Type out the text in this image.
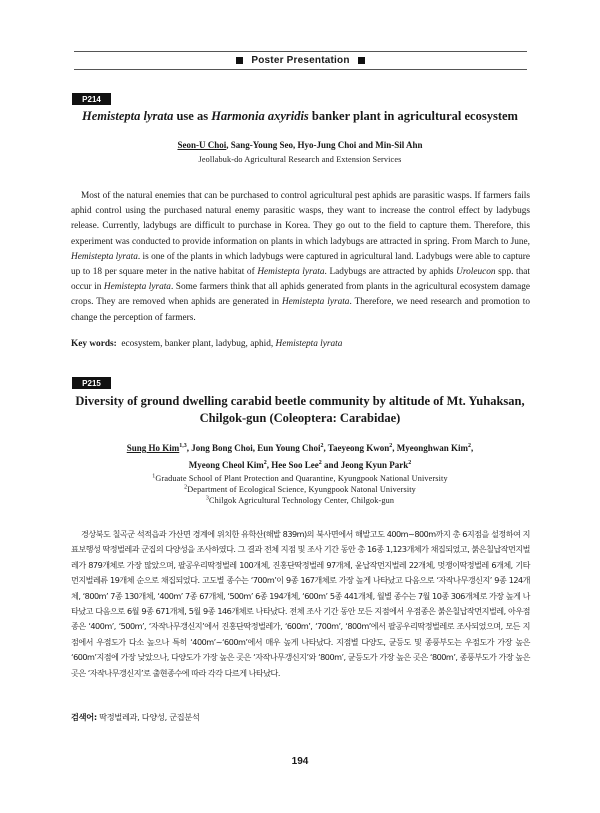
Poster Presentation
P214
Hemistepta lyrata use as Harmonia axyridis banker plant in agricultural ecosystem
Seon-U Choi, Sang-Young Seo, Hyo-Jung Choi and Min-Sil Ahn
Jeollabuk-do Agricultural Research and Extension Services

Most of the natural enemies that can be purchased to control agricultural pest aphids are parasitic wasps. If farmers fails aphid control using the purchased natural enemy parasitic wasps, they want to increase the control effect by ladybugs release. Currently, ladybugs are difficult to purchase in Korea. They go out to the field to capture them. Therefore, this experiment was conducted to provide information on plants in which ladybugs are attracted in spring. From March to June, Hemistepta lyrata. is one of the plants in which ladybugs were captured in agricultural land. Ladybugs were able to capture up to 18 per square meter in the native habitat of Hemistepta lyrata. Ladybugs are attracted by aphids Uroleucon spp. that occur in Hemistepta lyrata. Some farmers think that all aphids generated from plants in the agricultural ecosystem damage crops. They are removed when aphids are generated in Hemistepta lyrata. Therefore, we need research and promotion to change the perception of farmers.

Key words: ecosystem, banker plant, ladybug, aphid, Hemistepta lyrata
P215
Diversity of ground dwelling carabid beetle community by altitude of Mt. Yuhaksan,
Chilgok-gun (Coleoptera: Carabidae)
Sung Ho Kim$^{1,3}$, Jong Bong Choi, Eun Young Choi$^2$, Taeyeong Kwon$^2$, Myeonghwan Kim$^2$,
Myeong Cheol Kim$^2$, Hee Soo Lee$^2$ and Jeong Kyun Park$^2$
$^1$Graduate School of Plant Protection and Quarantine, Kyungpook National University
$^2$Department of Ecological Science, Kyungpook Natonal University
$^3$Chilgok Agricultural Technology Center, Chilgok-gun

경상북도 칠곡군 석적읍과 가산면 경계에 위치한 유학산(해발 839m)의 북사면에서 해발고도 400m~800m까지 총 6지점을 설정하여 지표보행성 딱정벌레과 군집의 다양성을 조사하였다. 그 결과 전체 지점 및 조사 기간 동안 총 16종 1,123개체가 채집되었고, 붉은칠납작먼지벌레가 879개체로 가장 많았으며, 팔공우리딱정벌레 100개체, 진홍단딱정벌레 97개체, 윤납작먼지벌레 22개체, 멋쟁이딱정벌레 6개체, 기타 먼지벌레류 19개체 순으로 채집되었다. 고도별 종수는 ‘700m’이 9종 167개체로 가장 높게 나타났고 다음으로 ‘자작나무갱신지’ 9종 124개체, ‘800m’ 7종 130개체, ‘400m’ 7종 67개체, ‘500m’ 6종 194개체, ‘600m’ 5종 441개체, 월별 종수는 7월 10종 306개체로 가장 높게 나타났고 다음으로 6월 9종 671개체, 5월 9종 146개체로 나타났다. 전체 조사 기간 동안 모든 지점에서 우점종은 붉은칠납작먼지벌레, 아우점종은 ‘400m’, ‘500m’, ‘자작나무갱신지’에서 진홍단딱정벌레가, ‘600m’, ‘700m’, ‘800m’에서 팔공우리딱정벌레로 조사되었으며, 모든 지점에서 우점도가 다소 높으나 특히 ‘400m’~‘600m’에서 매우 높게 나타났다. 지점별 다양도, 균등도 및 종풍부도는 우점도가 가장 높은 ‘600m’지점에 가장 낮았으나, 다양도가 가장 높은 곳은 ‘자작나무갱신지’와 ‘800m’, 균등도가 가장 높은 곳은 ‘800m’, 종풍부도가 가장 높은 곳은 ‘자작나무갱신지’로 출현종수에 따라 각각 다르게 나타났다.

검색어: 딱정벌레과, 다양성, 군집분석
194
